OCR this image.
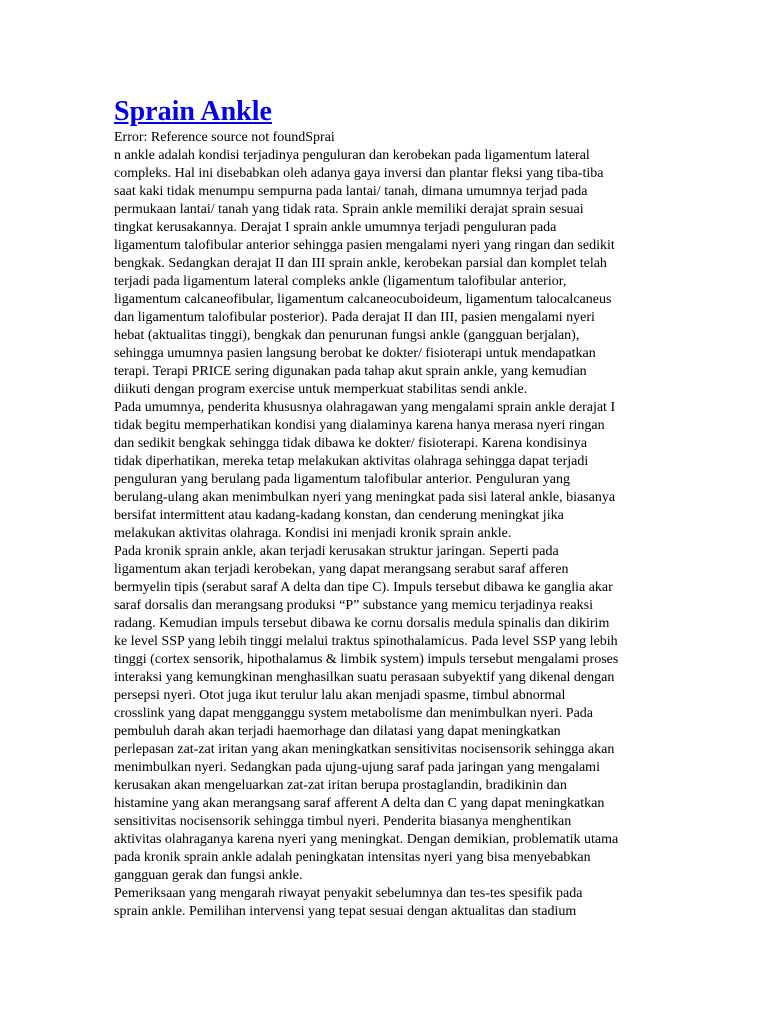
Sprain Ankle
Error: Reference source not foundSprai
n ankle adalah kondisi terjadinya penguluran dan kerobekan pada ligamentum lateral
compleks. Hal ini disebabkan oleh adanya gaya inversi dan plantar fleksi yang tiba-tiba
saat kaki tidak menumpu sempurna pada lantai/ tanah, dimana umumnya terjad pada
permukaan lantai/ tanah yang tidak rata. Sprain ankle memiliki derajat sprain sesuai
tingkat kerusakannya. Derajat I sprain ankle umumnya terjadi penguluran pada
ligamentum talofibular anterior sehingga pasien mengalami nyeri yang ringan dan sedikit
bengkak. Sedangkan derajat II dan III sprain ankle, kerobekan parsial dan komplet telah
terjadi pada ligamentum lateral compleks ankle (ligamentum talofibular anterior,
ligamentum calcaneofibular, ligamentum calcaneocuboideum, ligamentum talocalcaneus
dan ligamentum talofibular posterior). Pada derajat II dan III, pasien mengalami nyeri
hebat (aktualitas tinggi), bengkak dan penurunan fungsi ankle (gangguan berjalan),
sehingga umumnya pasien langsung berobat ke dokter/ fisioterapi untuk mendapatkan
terapi. Terapi PRICE sering digunakan pada tahap akut sprain ankle, yang kemudian
diikuti dengan program exercise untuk memperkuat stabilitas sendi ankle.
Pada umumnya, penderita khususnya olahragawan yang mengalami sprain ankle derajat I
tidak begitu memperhatikan kondisi yang dialaminya karena hanya merasa nyeri ringan
dan sedikit bengkak sehingga tidak dibawa ke dokter/ fisioterapi. Karena kondisinya
tidak diperhatikan, mereka tetap melakukan aktivitas olahraga sehingga dapat terjadi
penguluran yang berulang pada ligamentum talofibular anterior. Penguluran yang
berulang-ulang akan menimbulkan nyeri yang meningkat pada sisi lateral ankle, biasanya
bersifat intermittent atau kadang-kadang konstan, dan cenderung meningkat jika
melakukan aktivitas olahraga. Kondisi ini menjadi kronik sprain ankle.
Pada kronik sprain ankle, akan terjadi kerusakan struktur jaringan. Seperti pada
ligamentum akan terjadi kerobekan, yang dapat merangsang serabut saraf afferen
bermyelin tipis (serabut saraf A delta dan tipe C). Impuls tersebut dibawa ke ganglia akar
saraf dorsalis dan merangsang produksi “P” substance yang memicu terjadinya reaksi
radang. Kemudian impuls tersebut dibawa ke cornu dorsalis medula spinalis dan dikirim
ke level SSP yang lebih tinggi melalui traktus spinothalamicus. Pada level SSP yang lebih
tinggi (cortex sensorik, hipothalamus & limbik system) impuls tersebut mengalami proses
interaksi yang kemungkinan menghasilkan suatu perasaan subyektif yang dikenal dengan
persepsi nyeri. Otot juga ikut terulur lalu akan menjadi spasme, timbul abnormal
crosslink yang dapat mengganggu system metabolisme dan menimbulkan nyeri. Pada
pembuluh darah akan terjadi haemorhage dan dilatasi yang dapat meningkatkan
perlepasan zat-zat iritan yang akan meningkatkan sensitivitas nocisensorik sehingga akan
menimbulkan nyeri. Sedangkan pada ujung-ujung saraf pada jaringan yang mengalami
kerusakan akan mengeluarkan zat-zat iritan berupa prostaglandin, bradikinin dan
histamine yang akan merangsang saraf afferent A delta dan C yang dapat meningkatkan
sensitivitas nocisensorik sehingga timbul nyeri. Penderita biasanya menghentikan
aktivitas olahraganya karena nyeri yang meningkat. Dengan demikian, problematik utama
pada kronik sprain ankle adalah peningkatan intensitas nyeri yang bisa menyebabkan
gangguan gerak dan fungsi ankle.
Pemeriksaan yang mengarah riwayat penyakit sebelumnya dan tes-tes spesifik pada
sprain ankle. Pemilihan intervensi yang tepat sesuai dengan aktualitas dan stadium
